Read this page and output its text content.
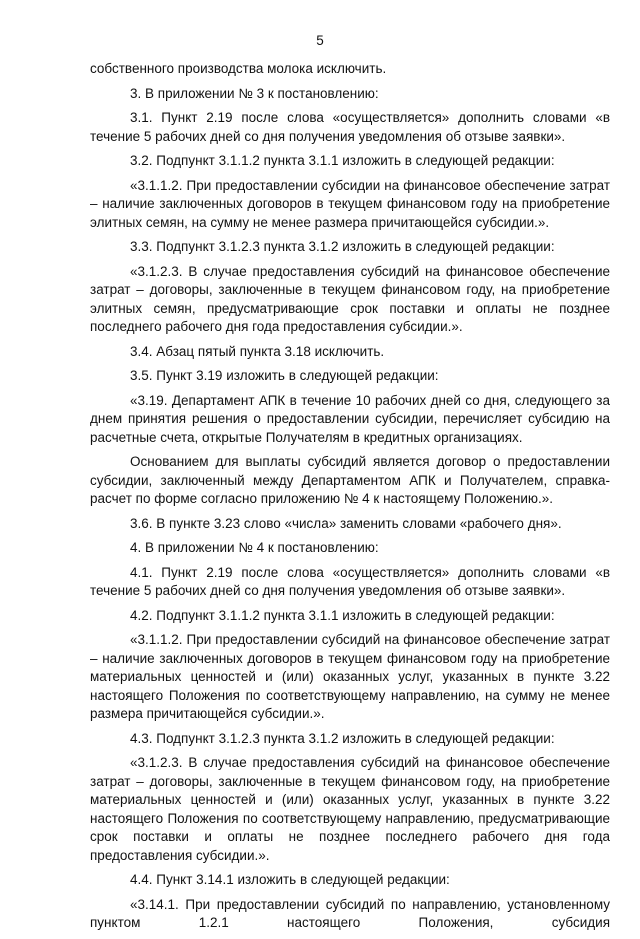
5

собственного производства молока исключить.

3. В приложении № 3 к постановлению:

3.1. Пункт 2.19 после слова «осуществляется» дополнить словами «в течение 5 рабочих дней со дня получения уведомления об отзыве заявки».

3.2. Подпункт 3.1.1.2 пункта 3.1.1 изложить в следующей редакции:

«3.1.1.2. При предоставлении субсидии на финансовое обеспечение затрат – наличие заключенных договоров в текущем финансовом году на приобретение элитных семян, на сумму не менее размера причитающейся субсидии.».

3.3. Подпункт 3.1.2.3 пункта 3.1.2 изложить в следующей редакции:

«3.1.2.3. В случае предоставления субсидий на финансовое обеспечение затрат – договоры, заключенные в текущем финансовом году, на приобретение элитных семян, предусматривающие срок поставки и оплаты не позднее последнего рабочего дня года предоставления субсидии.».

3.4. Абзац пятый пункта 3.18 исключить.

3.5. Пункт 3.19 изложить в следующей редакции:

«3.19. Департамент АПК в течение 10 рабочих дней со дня, следующего за днем принятия решения о предоставлении субсидии, перечисляет субсидию на расчетные счета, открытые Получателям в кредитных организациях.

Основанием для выплаты субсидий является договор о предоставлении субсидии, заключенный между Департаментом АПК и Получателем, справка-расчет по форме согласно приложению № 4 к настоящему Положению.».

3.6. В пункте 3.23 слово «числа» заменить словами «рабочего дня».

4. В приложении № 4 к постановлению:

4.1. Пункт 2.19 после слова «осуществляется» дополнить словами «в течение 5 рабочих дней со дня получения уведомления об отзыве заявки».

4.2. Подпункт 3.1.1.2 пункта 3.1.1 изложить в следующей редакции:

«3.1.1.2. При предоставлении субсидий на финансовое обеспечение затрат – наличие заключенных договоров в текущем финансовом году на приобретение материальных ценностей и (или) оказанных услуг, указанных в пункте 3.22 настоящего Положения по соответствующему направлению, на сумму не менее размера причитающейся субсидии.».

4.3. Подпункт 3.1.2.3 пункта 3.1.2 изложить в следующей редакции:

«3.1.2.3. В случае предоставления субсидий на финансовое обеспечение затрат – договоры, заключенные в текущем финансовом году, на приобретение материальных ценностей и (или) оказанных услуг, указанных в пункте 3.22 настоящего Положения по соответствующему направлению, предусматривающие срок поставки и оплаты не позднее последнего рабочего дня года предоставления субсидии.».

4.4. Пункт 3.14.1 изложить в следующей редакции:

«3.14.1. При предоставлении субсидий по направлению, установленному пунктом 1.2.1 настоящего Положения, субсидия
